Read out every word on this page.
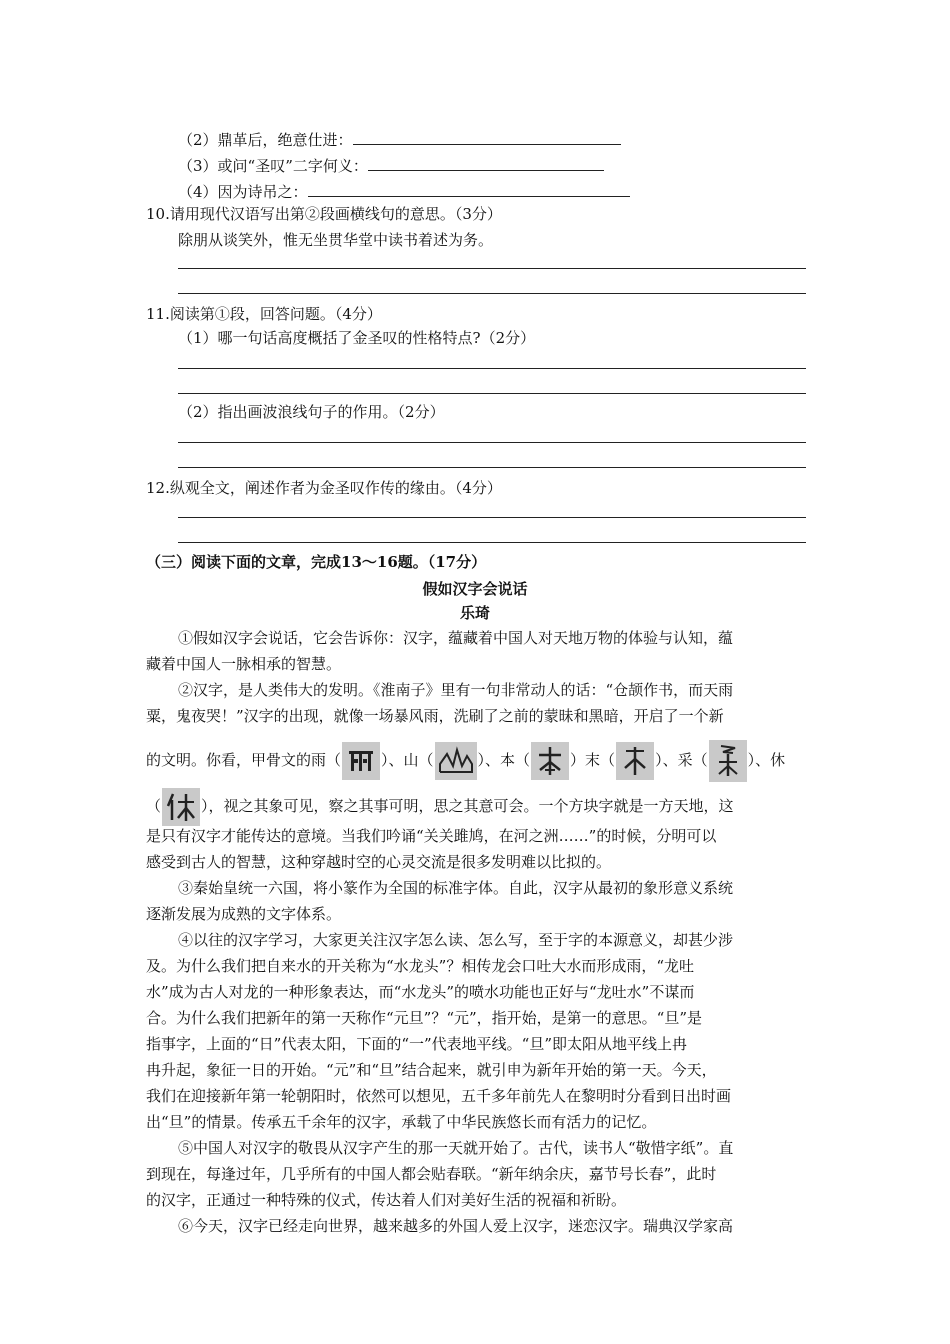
（2）鼎革后，绝意仕进：
（3）或问“圣叹”二字何义：
（4）因为诗吊之：
10.请用现代汉语写出第②段画横线句的意思。（3分）
除朋从谈笑外，惟无坐贯华堂中读书着述为务。
11.阅读第①段，回答问题。（4分）
（1）哪一句话高度概括了金圣叹的性格特点?（2分）
（2）指出画波浪线句子的作用。（2分）
12.纵观全文，阐述作者为金圣叹作传的缘由。（4分）
（三）阅读下面的文章，完成13～16题。（17分）
假如汉字会说话
乐琦
①假如汉字会说话，它会告诉你：汉字，蕴藏着中国人对天地万物的体验与认知，蕴
藏着中国人一脉相承的智慧。
②汉字，是人类伟大的发明。《淮南子》里有一句非常动人的话：“仓颉作书，而天雨
粟，鬼夜哭！”汉字的出现，就像一场暴风雨，洗刷了之前的蒙昧和黑暗，开启了一个新
的文明。你看，甲骨文的雨（	）、山（	）、本（	）末（	）、采（	）、休
（	），视之其象可见，察之其事可明，思之其意可会。一个方块字就是一方天地，这
是只有汉字才能传达的意境。当我们吟诵“关关雎鸠，在河之洲……”的时候，分明可以
感受到古人的智慧，这种穿越时空的心灵交流是很多发明难以比拟的。
③秦始皇统一六国，将小篆作为全国的标准字体。自此，汉字从最初的象形意义系统
逐渐发展为成熟的文字体系。
④以往的汉字学习，大家更关注汉字怎么读、怎么写，至于字的本源意义，却甚少涉
及。为什么我们把自来水的开关称为“水龙头”？相传龙会口吐大水而形成雨，“龙吐
水”成为古人对龙的一种形象表达，而“水龙头”的喷水功能也正好与“龙吐水”不谋而
合。为什么我们把新年的第一天称作“元旦”？“元”，指开始，是第一的意思。“旦”是
指事字，上面的“日”代表太阳，下面的“一”代表地平线。“旦”即太阳从地平线上冉
冉升起，象征一日的开始。“元”和“旦”结合起来，就引申为新年开始的第一天。今天，
我们在迎接新年第一轮朝阳时，依然可以想见，五千多年前先人在黎明时分看到日出时画
出“旦”的情景。传承五千余年的汉字，承载了中华民族悠长而有活力的记忆。
⑤中国人对汉字的敬畏从汉字产生的那一天就开始了。古代，读书人“敬惜字纸”。直
到现在，每逢过年，几乎所有的中国人都会贴春联。“新年纳余庆，嘉节号长春”，此时
的汉字，正通过一种特殊的仪式，传达着人们对美好生活的祝福和祈盼。
⑥今天，汉字已经走向世界，越来越多的外国人爱上汉字，迷恋汉字。瑞典汉学家高
